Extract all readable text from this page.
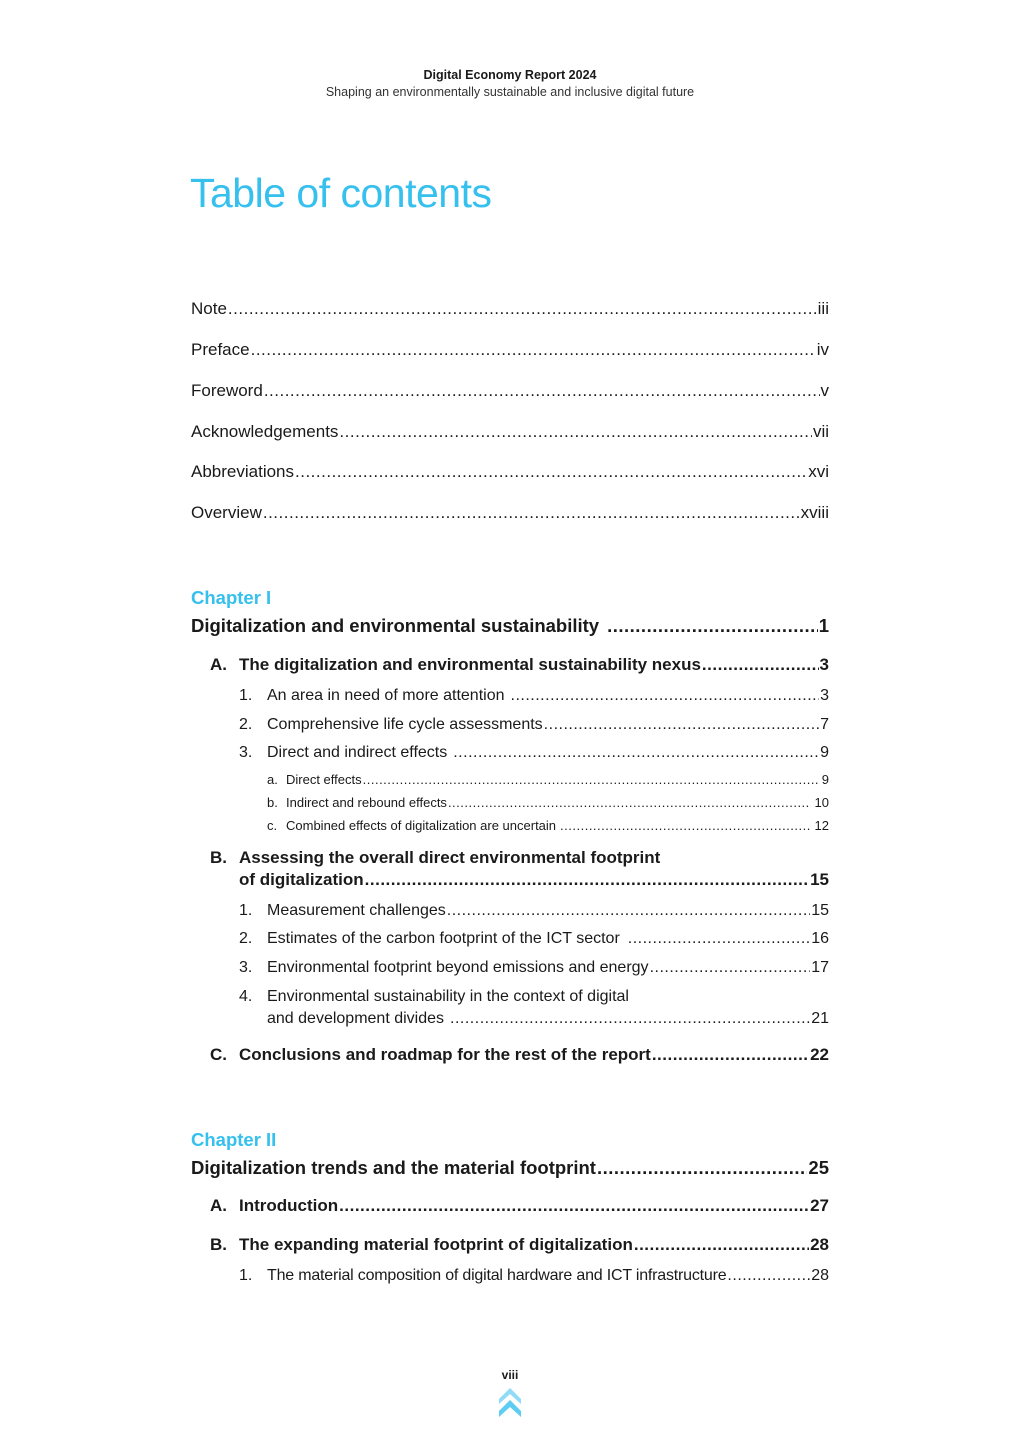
Digital Economy Report 2024
Shaping an environmentally sustainable and inclusive digital future
Table of contents
Note .....	iii
Preface .....	iv
Foreword .....	v
Acknowledgements .....	vii
Abbreviations .....	xvi
Overview .....	xviii
Chapter I
Digitalization and environmental sustainability .....	1
A. The digitalization and environmental sustainability nexus .....	3
1. An area in need of more attention .....	3
2. Comprehensive life cycle assessments .....	7
3. Direct and indirect effects .....	9
a. Direct effects .....	9
b. Indirect and rebound effects .....	10
c. Combined effects of digitalization are uncertain .....	12
B. Assessing the overall direct environmental footprint
of digitalization .....	15
1. Measurement challenges .....	15
2. Estimates of the carbon footprint of the ICT sector .....	16
3. Environmental footprint beyond emissions and energy .....	17
4. Environmental sustainability in the context of digital
and development divides .....	21
C. Conclusions and roadmap for the rest of the report .....	22
Chapter II
Digitalization trends and the material footprint .....	25
A. Introduction .....	27
B. The expanding material footprint of digitalization .....	28
1. The material composition of digital hardware and ICT infrastructure .....	28
viii
